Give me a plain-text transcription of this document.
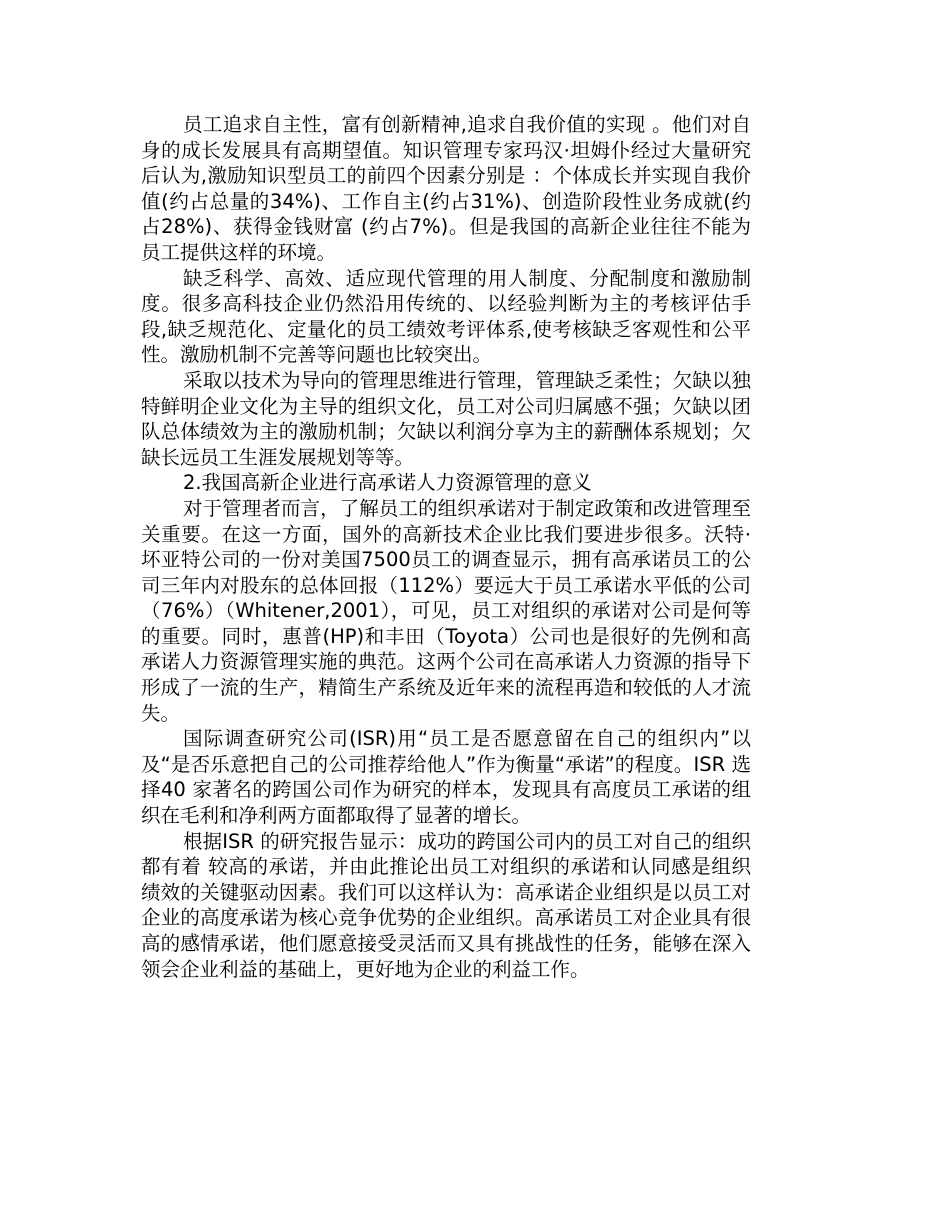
员工追求自主性，富有创新精神,追求自我价值的实现 。他们对自身的成长发展具有高期望值。知识管理专家玛汉·坦姆仆经过大量研究后认为,激励知识型员工的前四个因素分别是 ：个体成长并实现自我价值(约占总量的34%)、工作自主(约占31%)、创造阶段性业务成就(约占28%)、获得金钱财富 (约占7%)。但是我国的高新企业往往不能为员工提供这样的环境。

缺乏科学、高效、适应现代管理的用人制度、分配制度和激励制度。很多高科技企业仍然沿用传统的、以经验判断为主的考核评估手段,缺乏规范化、定量化的员工绩效考评体系,使考核缺乏客观性和公平性。激励机制不完善等问题也比较突出。

采取以技术为导向的管理思维进行管理，管理缺乏柔性；欠缺以独特鲜明企业文化为主导的组织文化，员工对公司归属感不强；欠缺以团队总体绩效为主的激励机制；欠缺以利润分享为主的薪酬体系规划；欠缺长远员工生涯发展规划等等。

2.我国高新企业进行高承诺人力资源管理的意义

对于管理者而言，了解员工的组织承诺对于制定政策和改进管理至关重要。在这一方面，国外的高新技术企业比我们要进步很多。沃特·坏亚特公司的一份对美国7500员工的调查显示，拥有高承诺员工的公司三年内对股东的总体回报（112%）要远大于员工承诺水平低的公司（76%）（Whitener,2001），可见，员工对组织的承诺对公司是何等的重要。同时，惠普(HP)和丰田（Toyota）公司也是很好的先例和高承诺人力资源管理实施的典范。这两个公司在高承诺人力资源的指导下形成了一流的生产，精简生产系统及近年来的流程再造和较低的人才流失。

国际调查研究公司(ISR)用“员工是否愿意留在自己的组织内”以及“是否乐意把自己的公司推荐给他人”作为衡量“承诺”的程度。ISR 选择40 家著名的跨国公司作为研究的样本，发现具有高度员工承诺的组织在毛利和净利两方面都取得了显著的增长。

根据ISR 的研究报告显示：成功的跨国公司内的员工对自己的组织都有着 较高的承诺，并由此推论出员工对组织的承诺和认同感是组织绩效的关键驱动因素。我们可以这样认为：高承诺企业组织是以员工对企业的高度承诺为核心竞争优势的企业组织。高承诺员工对企业具有很高的感情承诺，他们愿意接受灵活而又具有挑战性的任务，能够在深入领会企业利益的基础上，更好地为企业的利益工作。
